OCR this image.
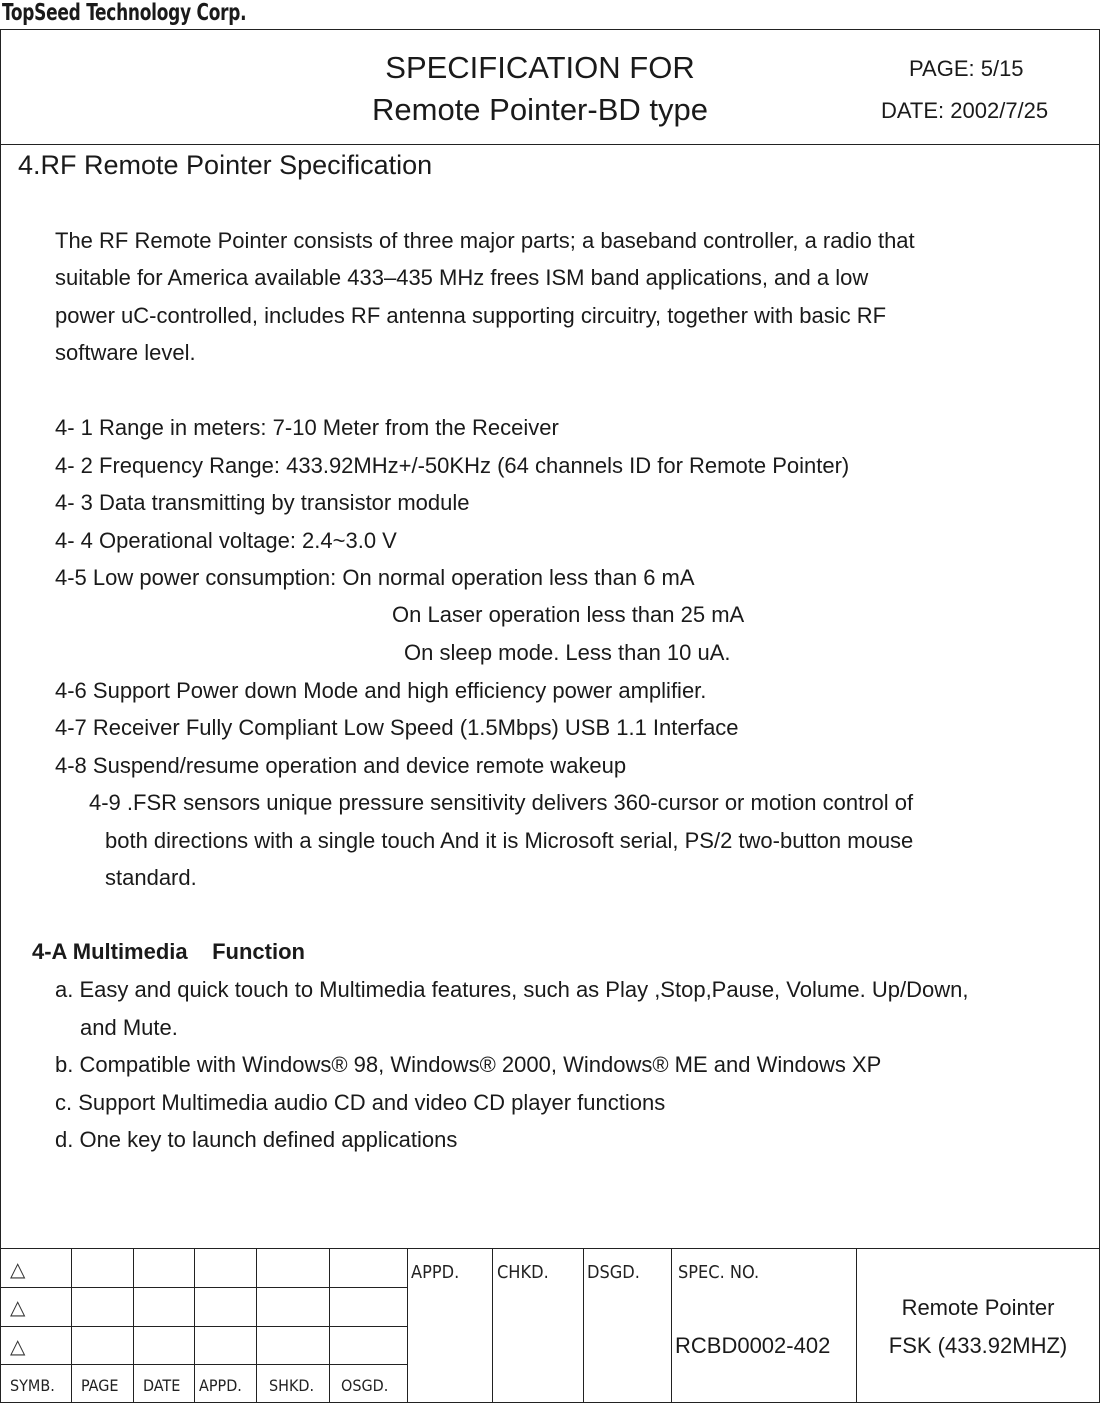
TopSeed Technology Corp.
SPECIFICATION FOR
Remote Pointer-BD type
PAGE: 5/15
DATE: 2002/7/25
4.RF Remote Pointer Specification
The RF Remote Pointer consists of three major parts; a baseband controller, a radio that
suitable for America available 433–435 MHz frees ISM band applications, and a low
power uC-controlled, includes RF antenna supporting circuitry, together with basic RF
software level.
4- 1 Range in meters: 7-10 Meter from the Receiver
4- 2 Frequency Range: 433.92MHz+/-50KHz (64 channels ID for Remote Pointer)
4- 3 Data transmitting by transistor module
4- 4 Operational voltage: 2.4~3.0 V
4-5 Low power consumption: On normal operation less than 6 mA
On Laser operation less than 25 mA
On sleep mode. Less than 10 uA.
4-6 Support Power down Mode and high efficiency power amplifier.
4-7 Receiver Fully Compliant Low Speed (1.5Mbps) USB 1.1 Interface
4-8 Suspend/resume operation and device remote wakeup
4-9 .FSR sensors unique pressure sensitivity delivers 360-cursor or motion control of
both directions with a single touch And it is Microsoft serial, PS/2 two-button mouse
standard.
4-A Multimedia    Function
a. Easy and quick touch to Multimedia features, such as Play ,Stop,Pause, Volume. Up/Down,
and Mute.
b. Compatible with Windows® 98, Windows® 2000, Windows® ME and Windows XP
c. Support Multimedia audio CD and video CD player functions
d. One key to launch defined applications
△
△
△
SYMB. PAGE DATE APPD. SHKD. OSGD.
APPD. CHKD. DSGD. SPEC. NO.
RCBD0002-402
Remote Pointer
FSK (433.92MHZ)
